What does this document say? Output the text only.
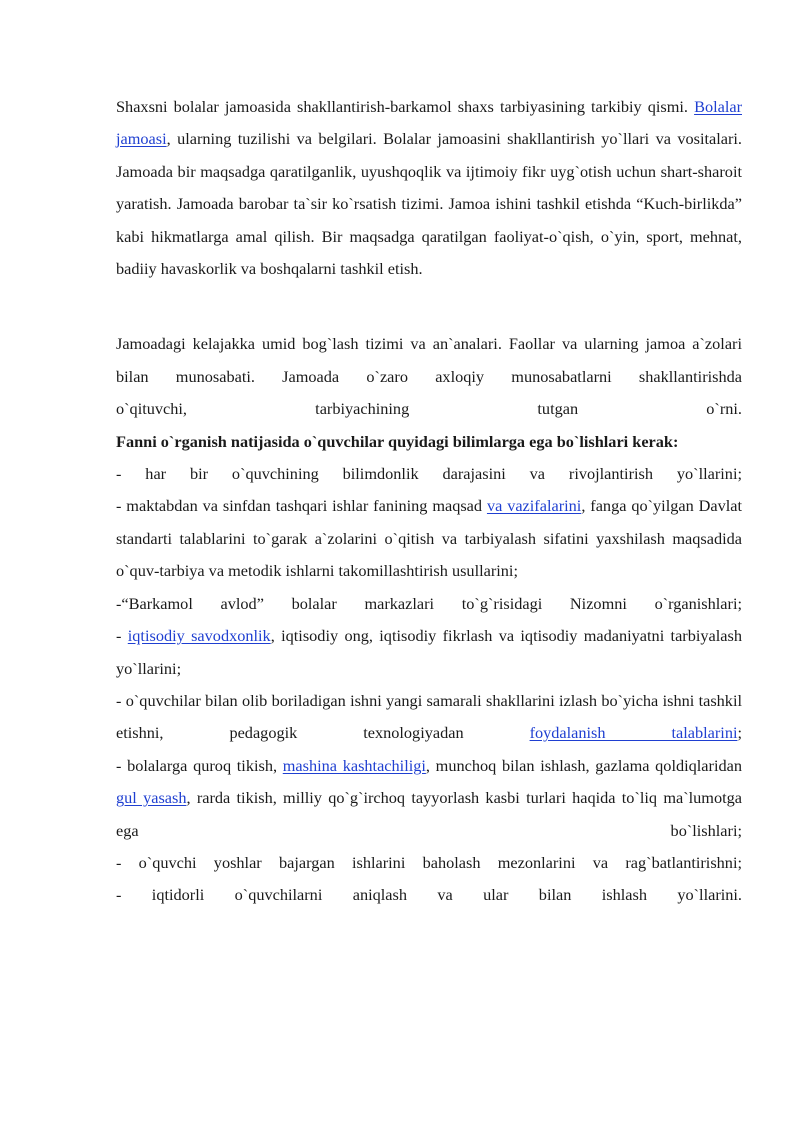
Shaxsni bolalar jamoasida shakllantirish-barkamol shaxs tarbiyasining tarkibiy qismi. Bolalar jamoasi, ularning tuzilishi va belgilari. Bolalar jamoasini shakllantirish yo`llari va vositalari. Jamoada bir maqsadga qaratilganlik, uyushqoqlik va ijtimoiy fikr uyg`otish uchun shart-sharoit yaratish. Jamoada barobar ta`sir ko`rsatish tizimi. Jamoa ishini tashkil etishda “Kuch-birlikda” kabi hikmatlarga amal qilish. Bir maqsadga qaratilgan faoliyat-o`qish, o`yin, sport, mehnat, badiiy havaskorlik va boshqalarni tashkil etish.

Jamoadagi kelajakka umid bog`lash tizimi va an`analari. Faollar va ularning jamoa a`zolari bilan munosabati. Jamoada o`zaro axloqiy munosabatlarni shakllantirishda
o`qituvchi, tarbiyachining tutgan o`rni.
Fanni o`rganish natijasida o`quvchilar quyidagi bilimlarga ega bo`lishlari kerak:
- har bir o`quvchining bilimdonlik darajasini va rivojlantirish yo`llarini;
- maktabdan va sinfdan tashqari ishlar fanining maqsad va vazifalarini, fanga qo`yilgan Davlat standarti talablarini to`garak a`zolarini o`qitish va tarbiyalash sifatini yaxshilash maqsadida o`quv-tarbiya va metodik ishlarni takomillashtirish usullarini;
-“Barkamol avlod” bolalar markazlari to`g`risidagi Nizomni o`rganishlari;
- iqtisodiy savodxonlik, iqtisodiy ong, iqtisodiy fikrlash va iqtisodiy madaniyatni tarbiyalash yo`llarini;
- o`quvchilar bilan olib boriladigan ishni yangi samarali shakllarini izlash bo`yicha ishni tashkil etishni, pedagogik texnologiyadan foydalanish talablarini;
- bolalarga quroq tikish, mashina kashtachiligi, munchoq bilan ishlash, gazlama qoldiqlaridan gul yasash, rarda tikish, milliy qo`g`irchoq tayyorlash kasbi turlari haqida to`liq ma`lumotga ega bo`lishlari;
- o`quvchi yoshlar bajargan ishlarini baholash mezonlarini va rag`batlantirishni;
- iqtidorli o`quvchilarni aniqlash va ular bilan ishlash yo`llarini.
